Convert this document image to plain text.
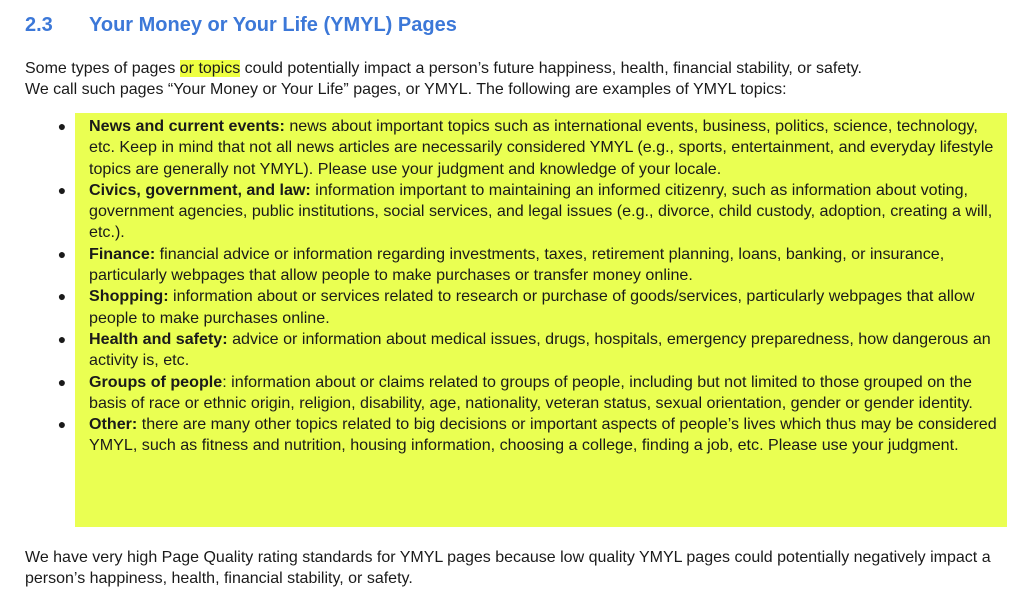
2.3 Your Money or Your Life (YMYL) Pages
Some types of pages or topics could potentially impact a person’s future happiness, health, financial stability, or safety.
We call such pages “Your Money or Your Life” pages, or YMYL. The following are examples of YMYL topics:
● News and current events: news about important topics such as international events, business, politics, science, technology, etc. Keep in mind that not all news articles are necessarily considered YMYL (e.g., sports, entertainment, and everyday lifestyle topics are generally not YMYL). Please use your judgment and knowledge of your locale.
● Civics, government, and law: information important to maintaining an informed citizenry, such as information about voting, government agencies, public institutions, social services, and legal issues (e.g., divorce, child custody, adoption, creating a will, etc.).
● Finance: financial advice or information regarding investments, taxes, retirement planning, loans, banking, or insurance, particularly webpages that allow people to make purchases or transfer money online.
● Shopping: information about or services related to research or purchase of goods/services, particularly webpages that allow people to make purchases online.
● Health and safety: advice or information about medical issues, drugs, hospitals, emergency preparedness, how dangerous an activity is, etc.
● Groups of people: information about or claims related to groups of people, including but not limited to those grouped on the basis of race or ethnic origin, religion, disability, age, nationality, veteran status, sexual orientation, gender or gender identity.
● Other: there are many other topics related to big decisions or important aspects of people’s lives which thus may be considered YMYL, such as fitness and nutrition, housing information, choosing a college, finding a job, etc. Please use your judgment.
We have very high Page Quality rating standards for YMYL pages because low quality YMYL pages could potentially negatively impact a person’s happiness, health, financial stability, or safety.
